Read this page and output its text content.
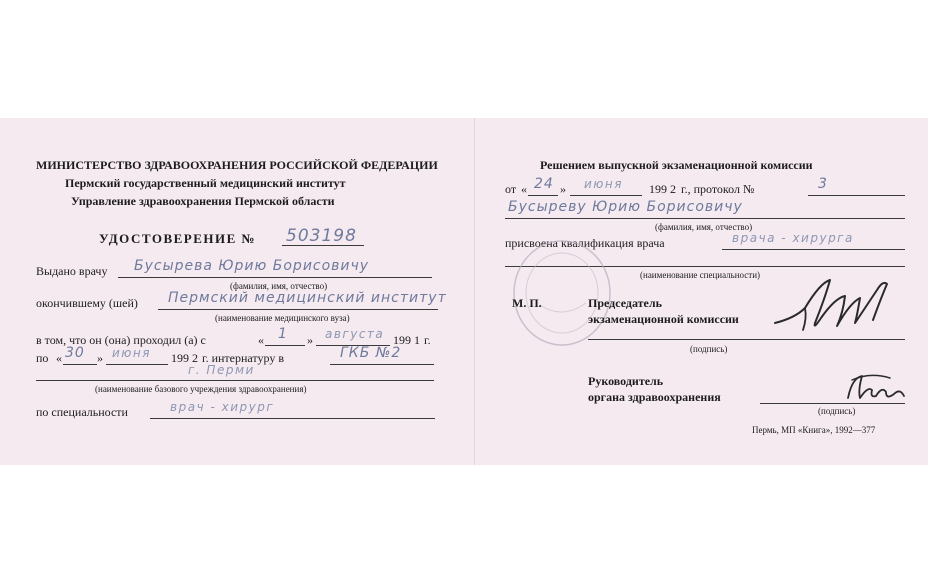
МИНИСТЕРСТВО ЗДРАВООХРАНЕНИЯ РОССИЙСКОЙ ФЕДЕРАЦИИ
Пермский государственный медицинский институт
Управление здравоохранения Пермской области
УДОСТОВЕРЕНИЕ № 503198
Выдано врачу Бусырева Юрию Борисовичу
(фамилия, имя, отчество)
окончившему (шей) Пермский медицинский институт
(наименование медицинского вуза)
в том, что он (она) проходил (а) с	« 1 » августа 199 1 г.
по « 30 » июня 199 2 г. интернатуру в	ГКБ №2
г. Перми
(наименование базового учреждения здравоохранения)
по специальности	врач - хирург
Решением выпускной экзаменационной комиссии
от « 24 » июня 199 2 г., протокол №	3
Бусыреву Юрию Борисовичу
(фамилия, имя, отчество)
присвоена квалификация врача	врача - хирурга
(наименование специальности)
М. П.	Председатель
экзаменационной комиссии
(подпись)
Руководитель
органа здравоохранения
(подпись)
Пермь, МП «Книга», 1992—377
